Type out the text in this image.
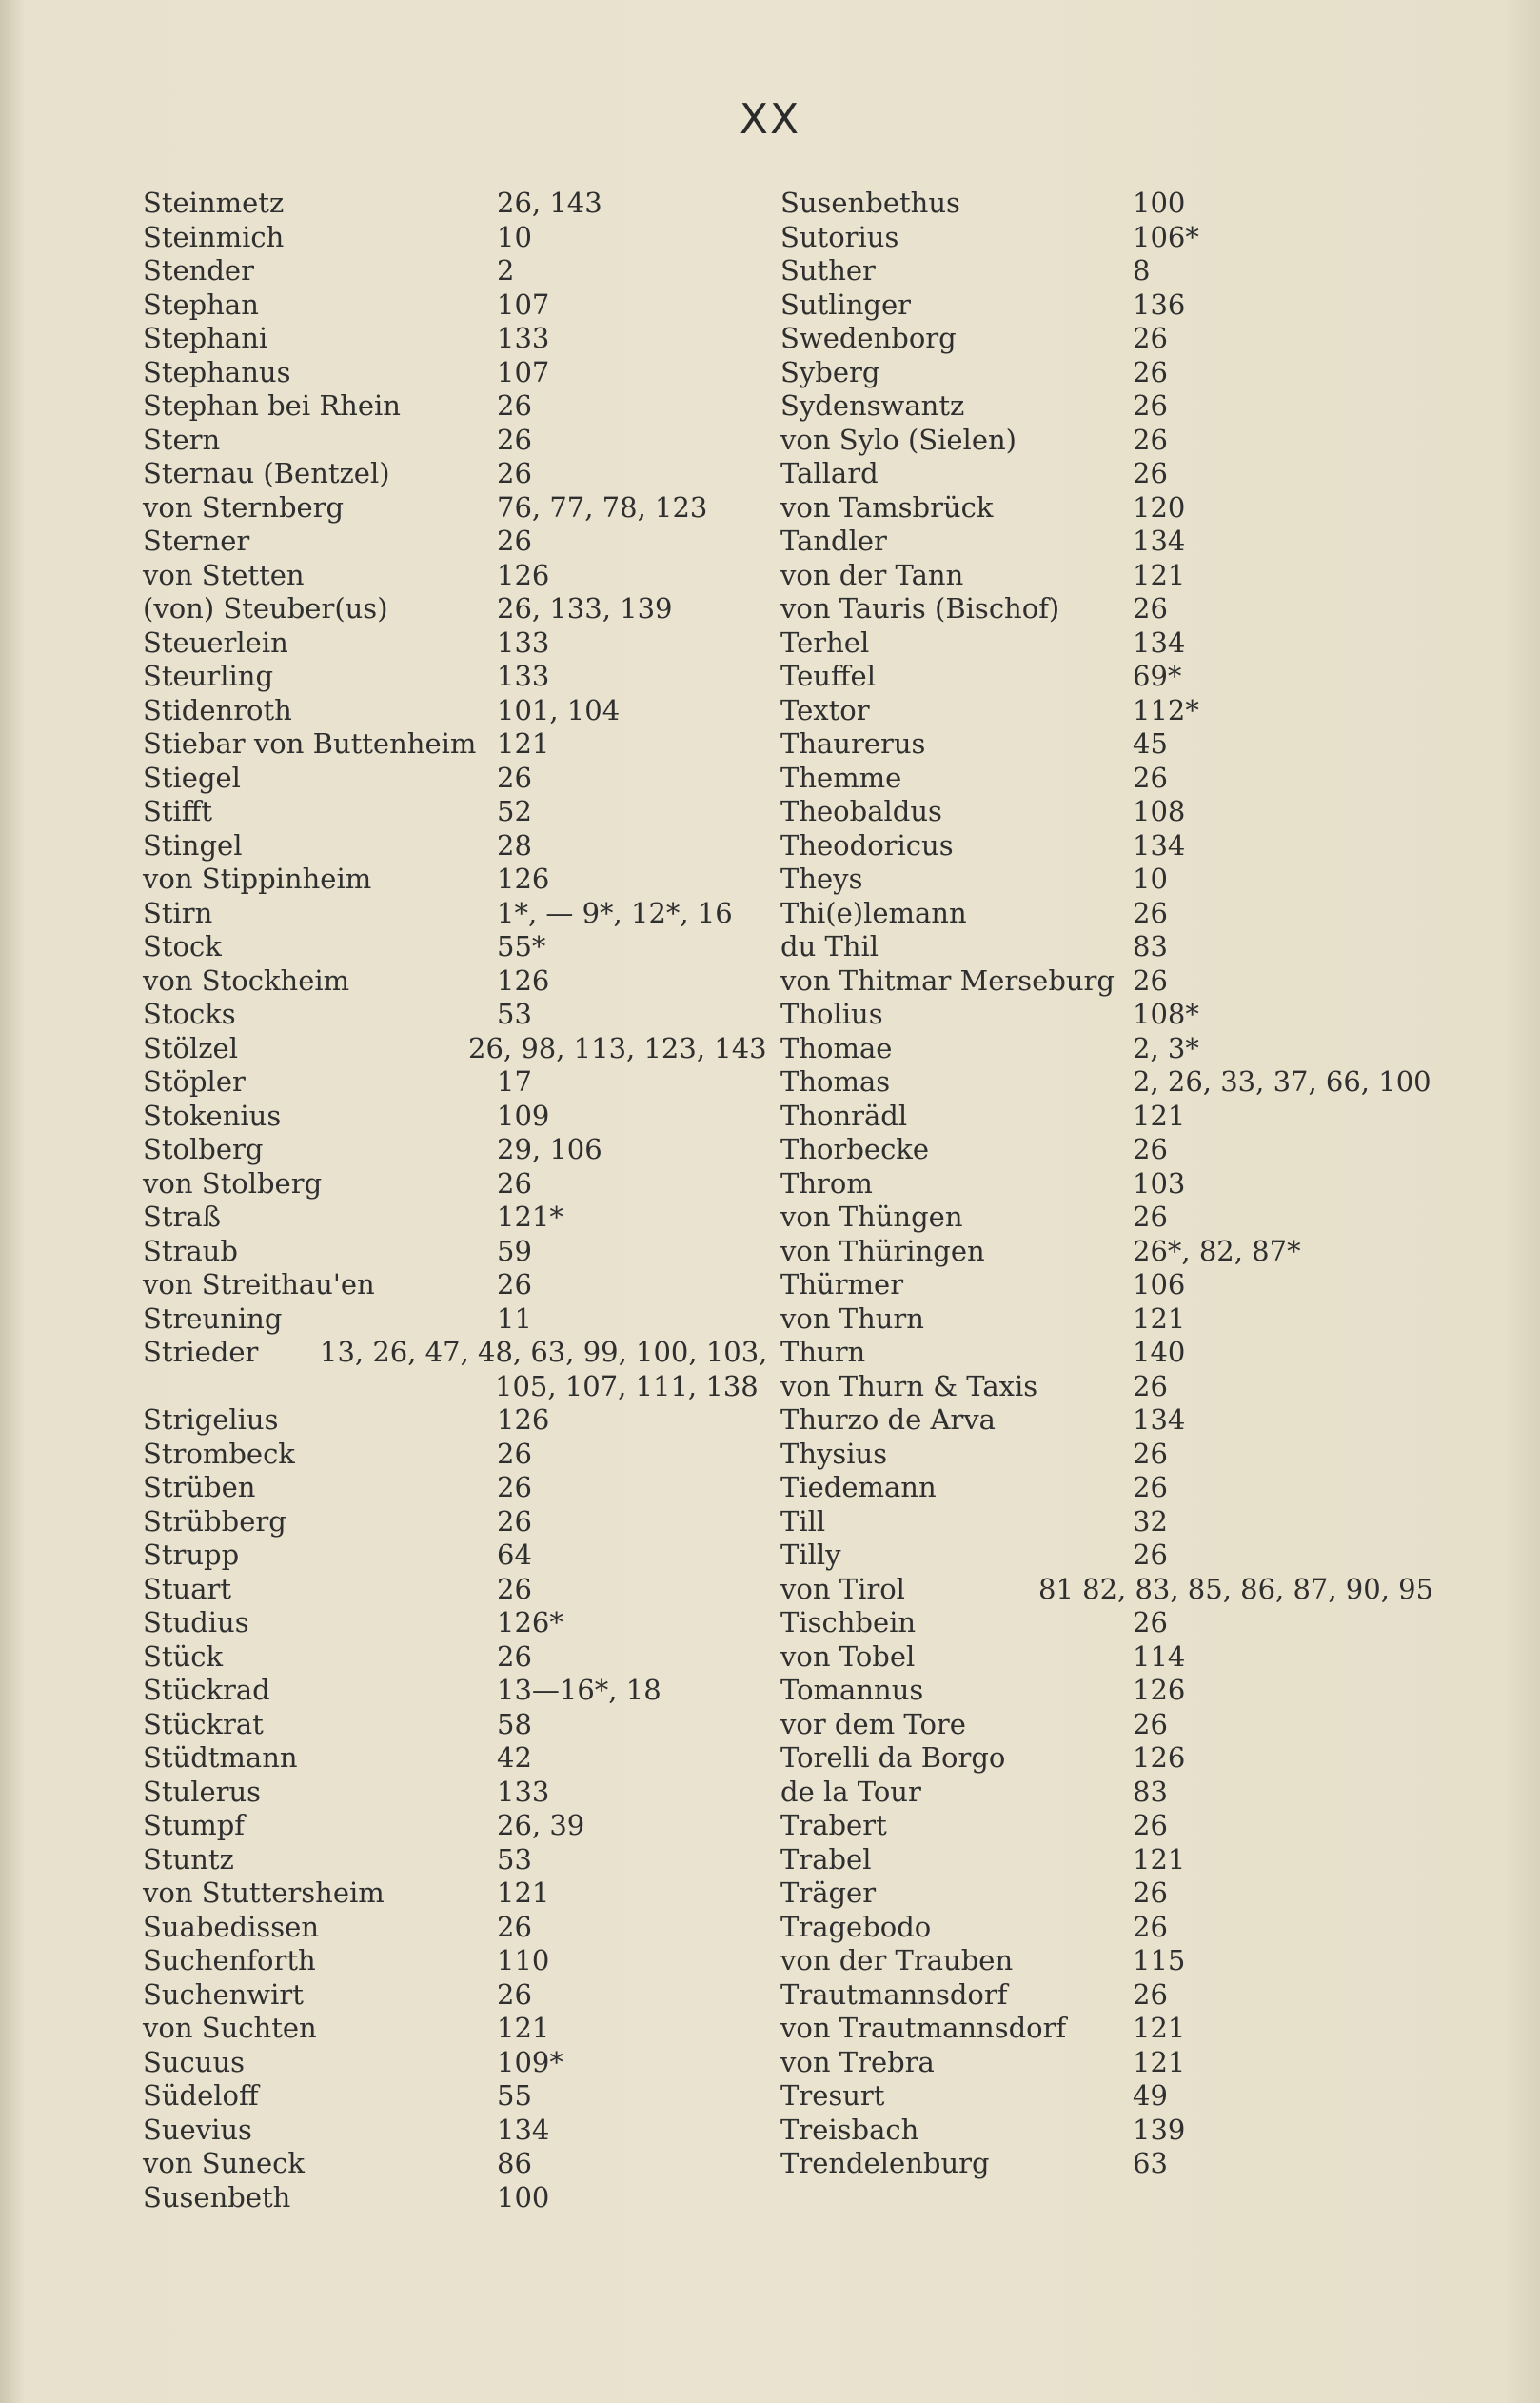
XX
Steinmetz	26, 143
Steinmich	10
Stender	2
Stephan	107
Stephani	133
Stephanus	107
Stephan bei Rhein	26
Stern	26
Sternau (Bentzel)	26
von Sternberg	76, 77, 78, 123
Sterner	26
von Stetten	126
(von) Steuber(us)	26, 133, 139
Steuerlein	133
Steurling	133
Stidenroth	101, 104
Stiebar von Buttenheim 121
Stiegel	26
Stifft	52
Stingel	28
von Stippinheim	126
Stirn	1*, — 9*, 12*, 16
Stock	55*
von Stockheim	126
Stocks	53
Stölzel	26, 98, 113, 123, 143
Stöpler	17
Stokenius	109
Stolberg	29, 106
von Stolberg	26
Straß	121*
Straub	59
von Streithau'en	26
Streuning	11
Strieder 13, 26, 47, 48, 63, 99, 100, 103,
105, 107, 111, 138
Strigelius	126
Strombeck	26
Strüben	26
Strübberg	26
Strupp	64
Stuart	26
Studius	126*
Stück	26
Stückrad	13—16*, 18
Stückrat	58
Stüdtmann	42
Stulerus	133
Stumpf	26, 39
Stuntz	53
von Stuttersheim	121
Suabedissen	26
Suchenforth	110
Suchenwirt	26
von Suchten	121
Sucuus	109*
Südeloff	55
Suevius	134
von Suneck	86
Susenbeth	100
Susenbethus	100
Sutorius	106*
Suther	8
Sutlinger	136
Swedenborg	26
Syberg	26
Sydenswantz	26
von Sylo (Sielen)	26
Tallard	26
von Tamsbrück	120
Tandler	134
von der Tann	121
von Tauris (Bischof)	26
Terhel	134
Teuffel	69*
Textor	112*
Thaurerus	45
Themme	26
Theobaldus	108
Theodoricus	134
Theys	10
Thi(e)lemann	26
du Thil	83
von Thitmar Merseburg 26
Tholius	108*
Thomae	2, 3*
Thomas	2, 26, 33, 37, 66, 100
Thonrädl	121
Thorbecke	26
Throm	103
von Thüngen	26
von Thüringen	26*, 82, 87*
Thürmer	106
von Thurn	121
Thurn	140
von Thurn & Taxis	26
Thurzo de Arva	134
Thysius	26
Tiedemann	26
Till	32
Tilly	26
von Tirol	81 82, 83, 85, 86, 87, 90, 95
Tischbein	26
von Tobel	114
Tomannus	126
vor dem Tore	26
Torelli da Borgo	126
de la Tour	83
Trabert	26
Trabel	121
Träger	26
Tragebodo	26
von der Trauben	115
Trautmannsdorf	26
von Trautmannsdorf 121
von Trebra	121
Tresurt	49
Treisbach	139
Trendelenburg	63
